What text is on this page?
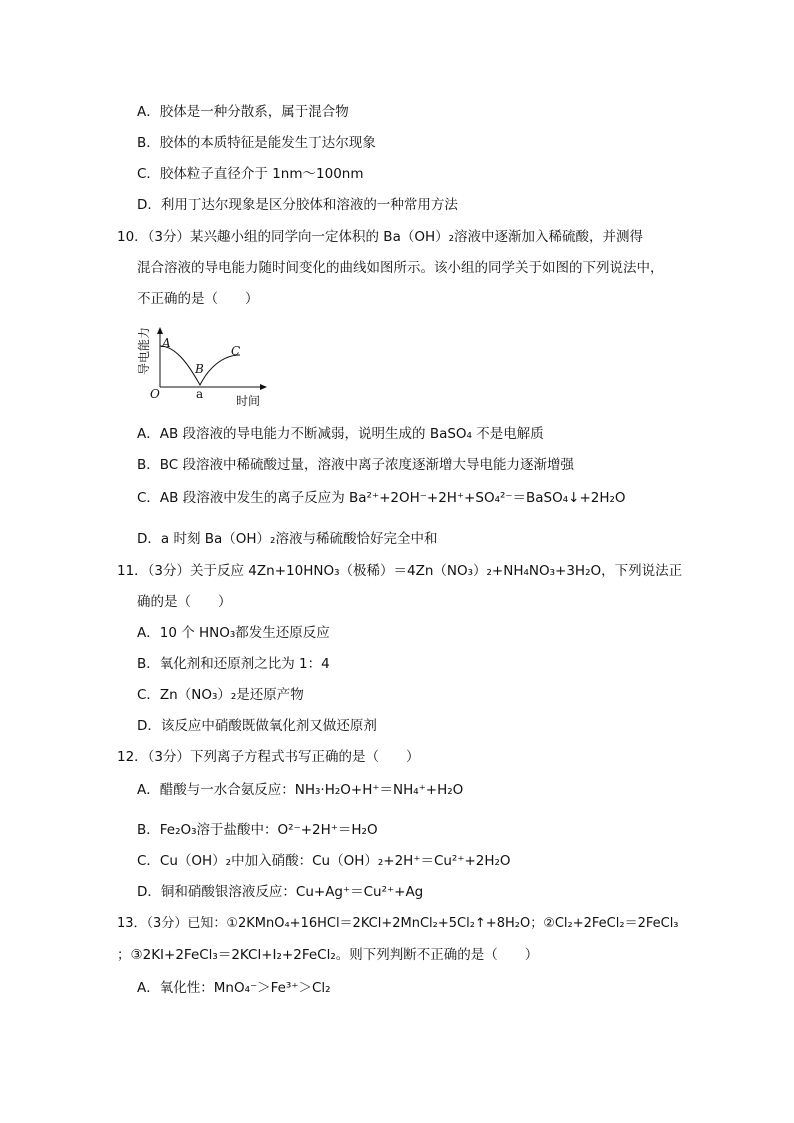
A．胶体是一种分散系，属于混合物
B．胶体的本质特征是能发生丁达尔现象
C．胶体粒子直径介于 1nm～100nm
D．利用丁达尔现象是区分胶体和溶液的一种常用方法
10．（3分）某兴趣小组的同学向一定体积的 Ba（OH）₂溶液中逐渐加入稀硫酸，并测得
混合溶液的导电能力随时间变化的曲线如图所示。该小组的同学关于如图的下列说法中，
不正确的是（　　）
导电能力 A
B
C
O	a	时间
A．AB 段溶液的导电能力不断减弱，说明生成的 BaSO₄ 不是电解质
B．BC 段溶液中稀硫酸过量，溶液中离子浓度逐渐增大导电能力逐渐增强
C．AB 段溶液中发生的离子反应为 Ba²⁺+2OH⁻+2H⁺+SO₄²⁻＝BaSO₄↓+2H₂O
D．a 时刻 Ba（OH）₂溶液与稀硫酸恰好完全中和
11．（3分）关于反应 4Zn+10HNO₃（极稀）＝4Zn（NO₃）₂+NH₄NO₃+3H₂O，下列说法正
确的是（　　）
A．10 个 HNO₃都发生还原反应
B．氧化剂和还原剂之比为 1：4
C．Zn（NO₃）₂是还原产物
D．该反应中硝酸既做氧化剂又做还原剂
12．（3分）下列离子方程式书写正确的是（　　）
A．醋酸与一水合氨反应：NH₃·H₂O+H⁺＝NH₄⁺+H₂O
B．Fe₂O₃溶于盐酸中：O²⁻+2H⁺＝H₂O
C．Cu（OH）₂中加入硝酸：Cu（OH）₂+2H⁺＝Cu²⁺+2H₂O
D．铜和硝酸银溶液反应：Cu+Ag⁺＝Cu²⁺+Ag
13．（3分）已知：①2KMnO₄+16HCl＝2KCl+2MnCl₂+5Cl₂↑+8H₂O；②Cl₂+2FeCl₂＝2FeCl₃
；③2KI+2FeCl₃＝2KCl+I₂+2FeCl₂。则下列判断不正确的是（　　）
A．氧化性：MnO₄⁻＞Fe³⁺＞Cl₂
